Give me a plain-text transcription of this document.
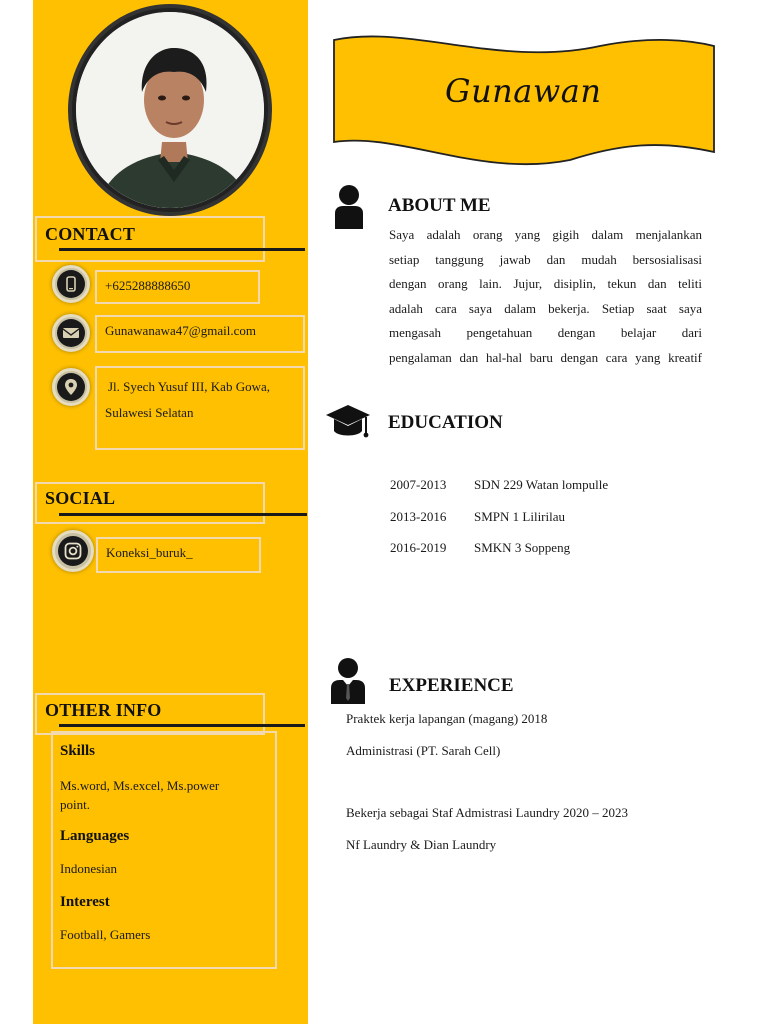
CONTACT
+625288888650
Gunawanawa47@gmail.com
Jl. Syech Yusuf III, Kab Gowa,
Sulawesi Selatan
SOCIAL
Koneksi_buruk_
OTHER INFO
Skills
Ms.word, Ms.excel, Ms.power
point.
Languages
Indonesian
Interest
Football, Gamers
Gunawan
ABOUT ME
Saya adalah orang yang gigih dalam menjalankan
setiap tanggung jawab dan mudah bersosialisasi
dengan orang lain. Jujur, disiplin, tekun dan teliti
adalah cara saya dalam bekerja. Setiap saat saya
mengasah pengetahuan dengan belajar dari
pengalaman dan hal-hal baru dengan cara yang kreatif
EDUCATION
2007-2013 SDN 229 Watan lompulle
2013-2016 SMPN 1 Lilirilau
2016-2019 SMKN 3 Soppeng
EXPERIENCE
Praktek kerja lapangan (magang) 2018
Administrasi (PT. Sarah Cell)
Bekerja sebagai Staf Admistrasi Laundry 2020 – 2023
Nf Laundry & Dian Laundry
